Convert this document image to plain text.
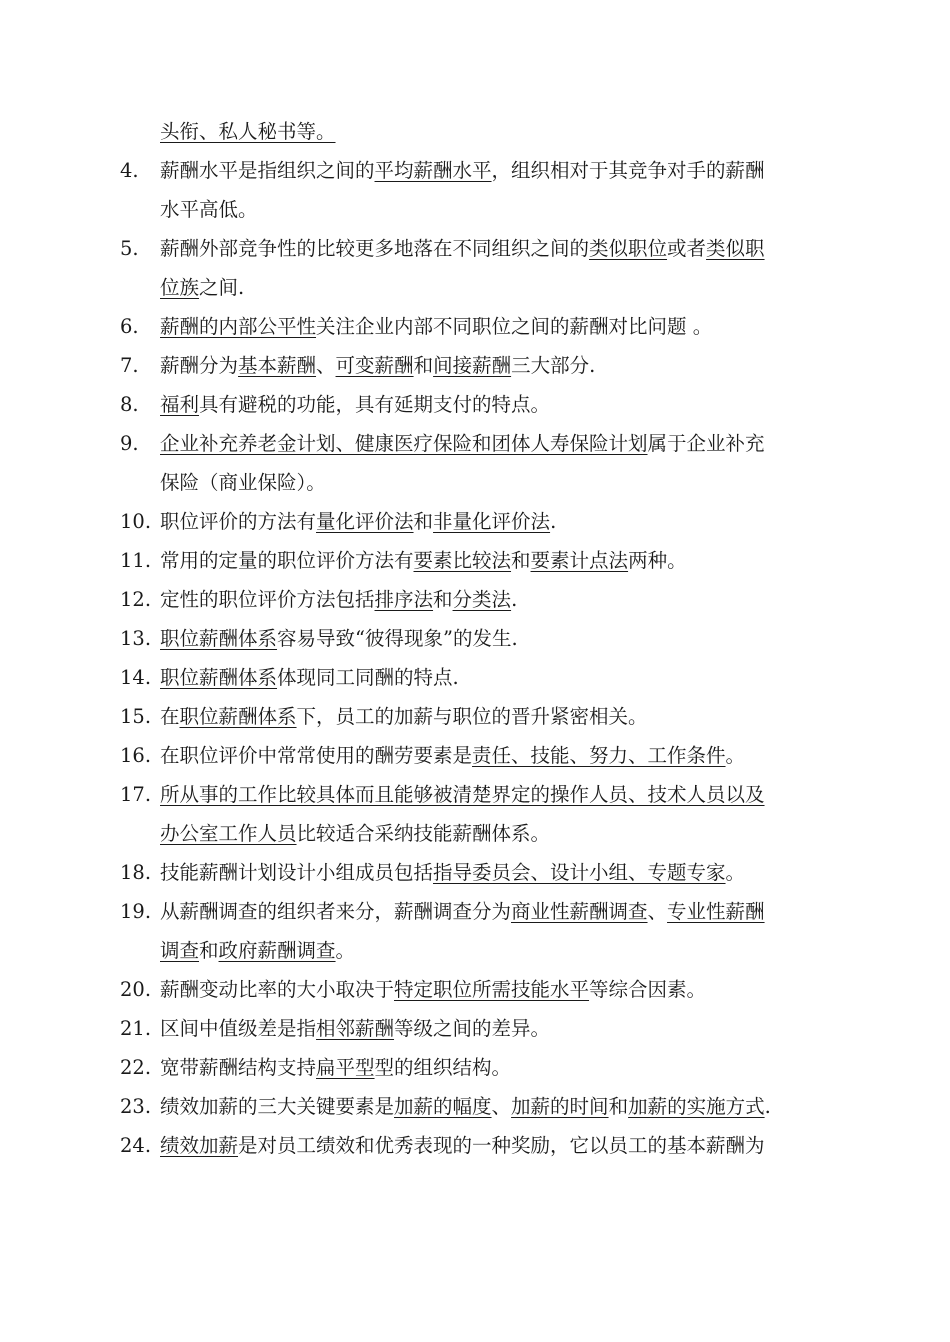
头衔、私人秘书等。
4.	薪酬水平是指组织之间的平均薪酬水平，组织相对于其竞争对手的薪酬
水平高低。
5.	薪酬外部竞争性的比较更多地落在不同组织之间的类似职位或者类似职
位族之间.
6.	薪酬的内部公平性关注企业内部不同职位之间的薪酬对比问题 。
7.	薪酬分为基本薪酬、可变薪酬和间接薪酬三大部分.
8.	福利具有避税的功能，具有延期支付的特点。
9.	企业补充养老金计划、健康医疗保险和团体人寿保险计划属于企业补充
保险（商业保险）。
10. 职位评价的方法有量化评价法和非量化评价法.
11. 常用的定量的职位评价方法有要素比较法和要素计点法两种。
12. 定性的职位评价方法包括排序法和分类法.
13. 职位薪酬体系容易导致“彼得现象”的发生.
14. 职位薪酬体系体现同工同酬的特点.
15. 在职位薪酬体系下，员工的加薪与职位的晋升紧密相关。
16. 在职位评价中常常使用的酬劳要素是责任、技能、努力、工作条件。
17. 所从事的工作比较具体而且能够被清楚界定的操作人员、技术人员以及
办公室工作人员比较适合采纳技能薪酬体系。
18. 技能薪酬计划设计小组成员包括指导委员会、设计小组、专题专家。
19. 从薪酬调查的组织者来分，薪酬调查分为商业性薪酬调查、专业性薪酬
调查和政府薪酬调查。
20. 薪酬变动比率的大小取决于特定职位所需技能水平等综合因素。
21. 区间中值级差是指相邻薪酬等级之间的差异。
22. 宽带薪酬结构支持扁平型型的组织结构。
23. 绩效加薪的三大关键要素是加薪的幅度、加薪的时间和加薪的实施方式.
24. 绩效加薪是对员工绩效和优秀表现的一种奖励，它以员工的基本薪酬为
